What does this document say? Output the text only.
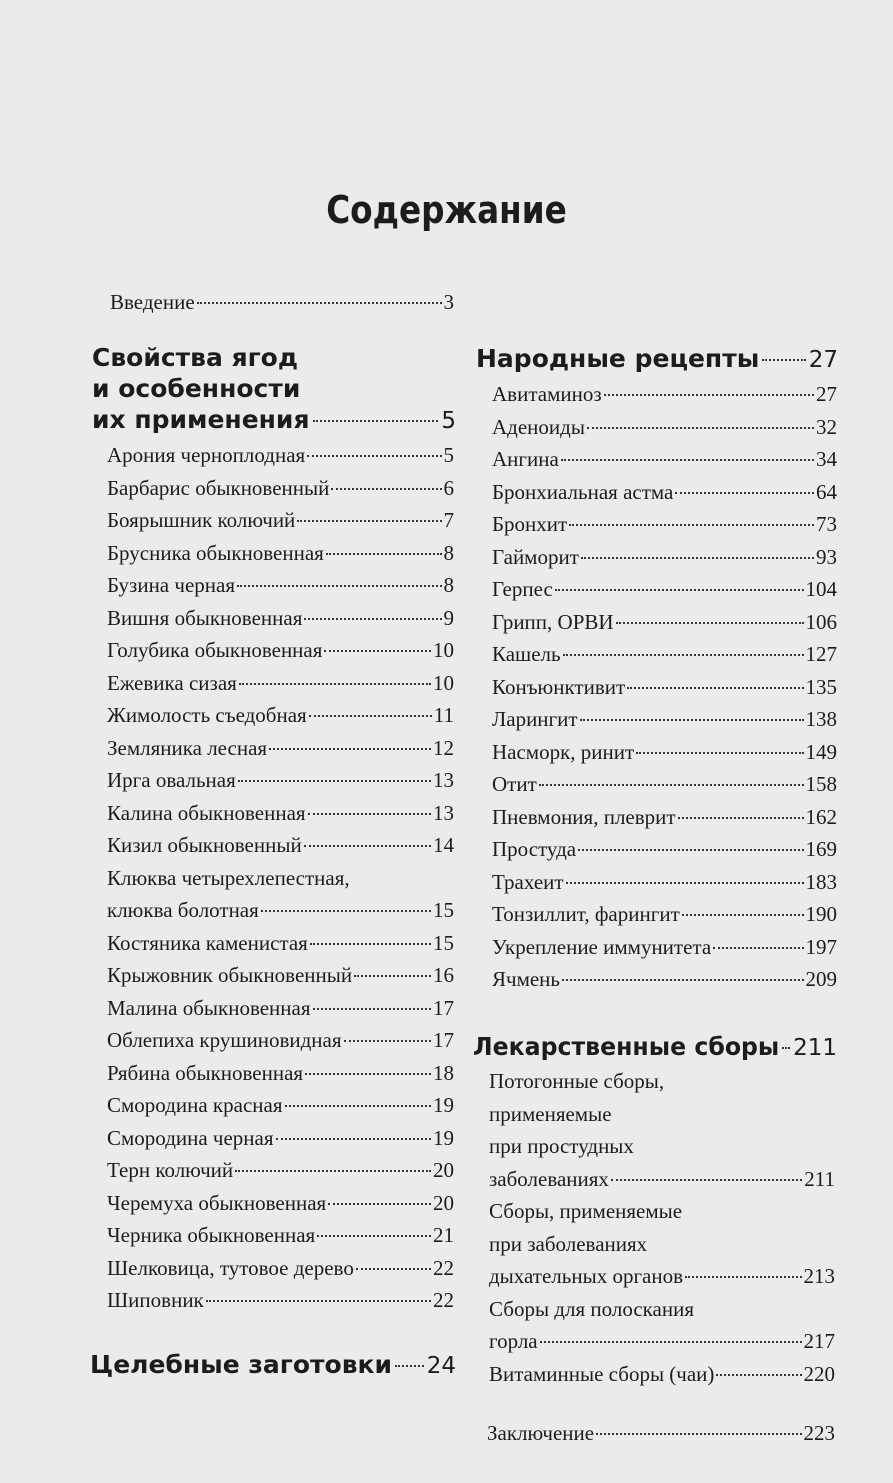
Содержание
Введение	3
Свойства ягод
и особенности
их применения	5
Арония черноплодная	5
Барбарис обыкновенный	6
Боярышник колючий	7
Брусника обыкновенная	8
Бузина черная	8
Вишня обыкновенная	9
Голубика обыкновенная	10
Ежевика сизая	10
Жимолость съедобная	11
Земляника лесная	12
Ирга овальная	13
Калина обыкновенная	13
Кизил обыкновенный	14
Клюква четырехлепестная,
клюква болотная	15
Костяника каменистая	15
Крыжовник обыкновенный	16
Малина обыкновенная	17
Облепиха крушиновидная	17
Рябина обыкновенная	18
Смородина красная	19
Смородина черная	19
Терн колючий	20
Черемуха обыкновенная	20
Черника обыкновенная	21
Шелковица, тутовое дерево	22
Шиповник	22
Целебные заготовки 24
Народные рецепты 27
Авитаминоз	27
Аденоиды	32
Ангина	34
Бронхиальная астма	64
Бронхит	73
Гайморит	93
Герпес	104
Грипп, ОРВИ	106
Кашель	127
Конъюнктивит	135
Ларингит	138
Насморк, ринит	149
Отит	158
Пневмония, плеврит	162
Простуда	169
Трахеит	183
Тонзиллит, фарингит	190
Укрепление иммунитета	197
Ячмень	209
Лекарственные сборы 211
Потогонные сборы,
применяемые
при простудных
заболеваниях	211
Сборы, применяемые
при заболеваниях
дыхательных органов	213
Сборы для полоскания
горла	217
Витаминные сборы (чаи)	220
Заключение	223
